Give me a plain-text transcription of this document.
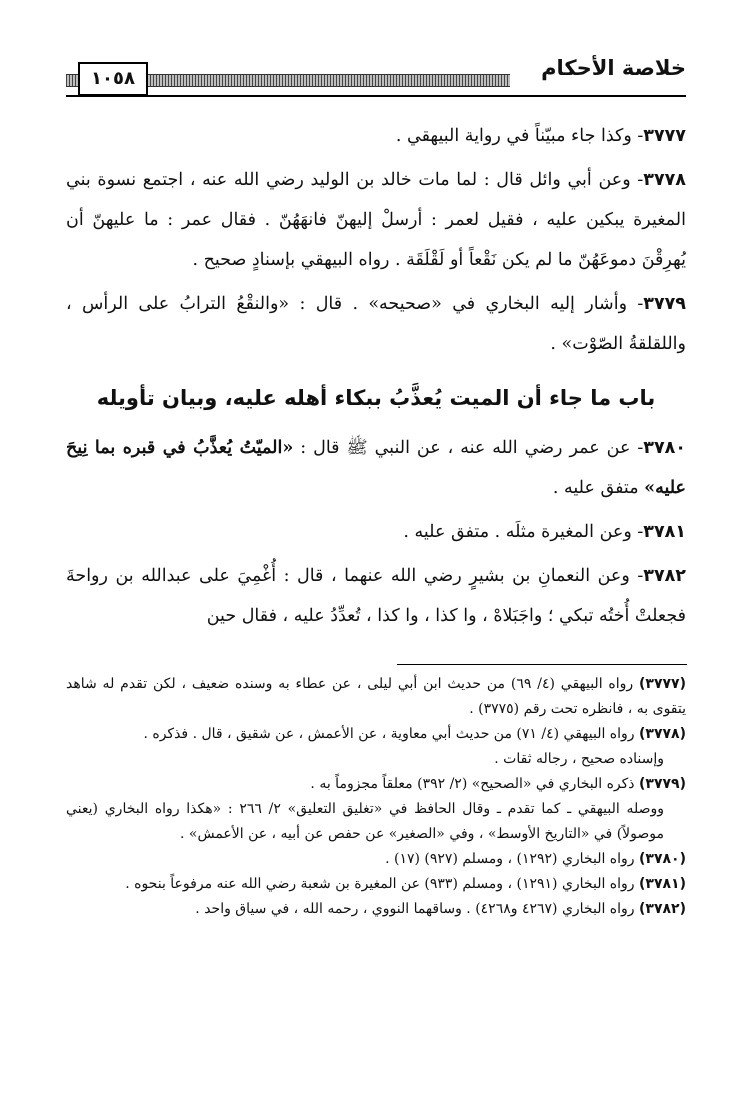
١٠٥٨	خلاصة الأحكام

٣٧٧٧- وكذا جاء مبيّناً في رواية البيهقي .

٣٧٧٨- وعن أبي وائل قال : لما مات خالد بن الوليد رضي الله عنه ، اجتمع نسوة بني المغيرة يبكين عليه ، فقيل لعمر : أرسلْ إليهنّ فانهَهُنّ . فقال عمر : ما عليهنّ أن يُهرِقْنَ دموعَهُنّ ما لم يكن نَقْعاً أو لَقْلَقَة . رواه البيهقي بإسنادٍ صحيح .

٣٧٧٩- وأشار إليه البخاري في «صحيحه» . قال : «والنقْعُ الترابُ على الرأس ، واللقلقةُ الصّوْت» .

باب ما جاء أن الميت يُعذَّبُ ببكاء أهله عليه، وبيان تأويله

٣٧٨٠- عن عمر رضي الله عنه ، عن النبي ﷺ قال : «الميّتُ يُعذَّبُ في قبره بما نِيحَ عليه» متفق عليه .

٣٧٨١- وعن المغيرة مثلَه . متفق عليه .

٣٧٨٢- وعن النعمانِ بن بشيرٍ رضي الله عنهما ، قال : أُغْمِيَ على عبدالله بن رواحةَ فجعلتْ أُختُه تبكي ؛ واجَبَلاهْ ، وا كذا ، وا كذا ، تُعدِّدُ عليه ، فقال حين

(٣٧٧٧) رواه البيهقي (٤/ ٦٩) من حديث ابن أبي ليلى ، عن عطاء به وسنده ضعيف ، لكن تقدم له شاهد يتقوى به ، فانظره تحت رقم (٣٧٧٥) .

(٣٧٧٨) رواه البيهقي (٤/ ٧١) من حديث أبي معاوية ، عن الأعمش ، عن شقيق ، قال . فذكره .

وإسناده صحيح ، رجاله ثقات .

(٣٧٧٩) ذكره البخاري في «الصحيح» (٢/ ٣٩٢) معلقاً مجزوماً به .

ووصله البيهقي ـ كما تقدم ـ وقال الحافظ في «تغليق التعليق» ٢/ ٢٦٦ : «هكذا رواه البخاري (يعني موصولاً) في «التاريخ الأوسط» ، وفي «الصغير» عن حفص عن أبيه ، عن الأعمش» .

(٣٧٨٠) رواه البخاري (١٢٩٢) ، ومسلم (٩٢٧) (١٧) .

(٣٧٨١) رواه البخاري (١٢٩١) ، ومسلم (٩٣٣) عن المغيرة بن شعبة رضي الله عنه مرفوعاً بنحوه .

(٣٧٨٢) رواه البخاري (٤٢٦٧ و٤٢٦٨) . وساقهما النووي ، رحمه الله ، في سياق واحد .
